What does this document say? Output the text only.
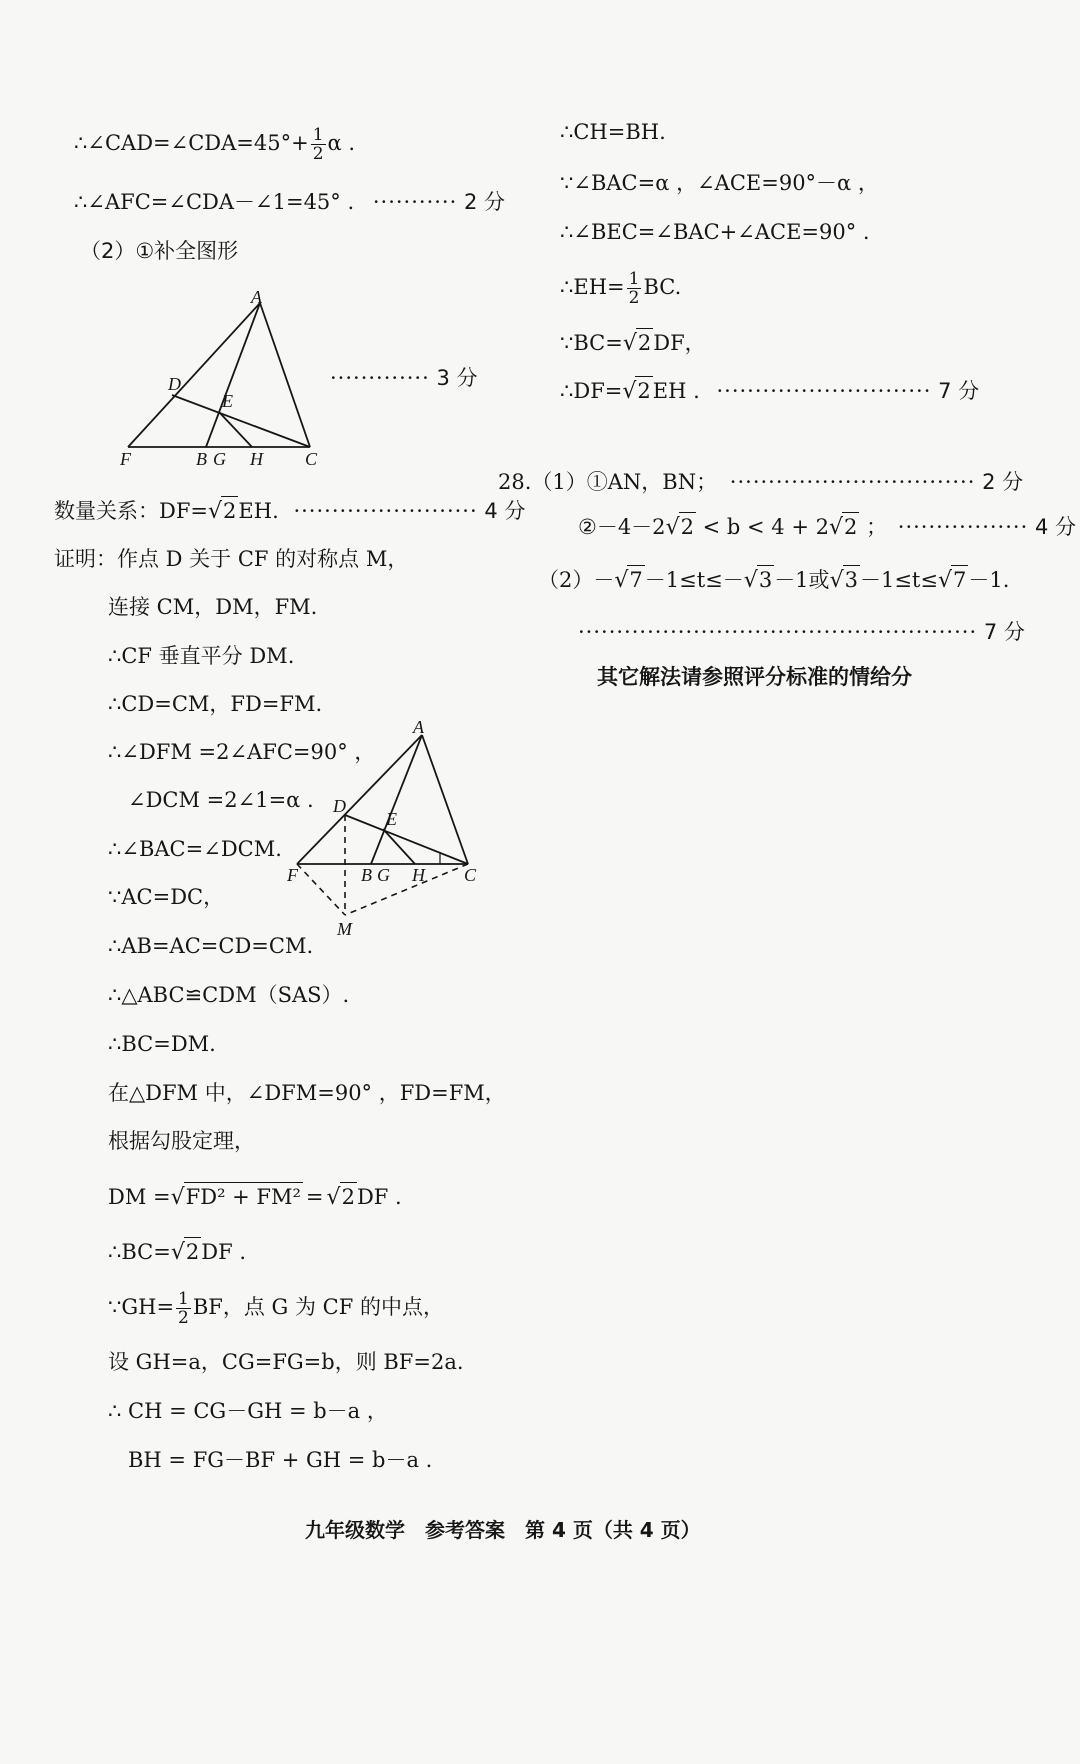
∴∠CAD=∠CDA=45°+ $\frac{1}{2}$ α .
∴∠AFC=∠CDA－∠1=45° . ··········· 2 分
（2）①补全图形
A
D
E
F	B G H C
············· 3 分
数量关系：DF=√2EH. ························ 4 分
证明：作点 D 关于 CF 的对称点 M，
连接 CM，DM，FM.
∴CF 垂直平分 DM.
∴CD=CM，FD=FM.
∴∠DFM =2∠AFC=90° ，
∠DCM =2∠1=α .
∴∠BAC=∠DCM.
∵AC=DC，
∴AB=AC=CD=CM.
∴△ABC≌CDM（SAS）.
∴BC=DM.
在△DFM 中，∠DFM=90° ，FD=FM，
根据勾股定理，
DM =√FD² + FM² = √2DF .
∴BC=√2DF .
∵GH= $\frac{1}{2}$ BF，点 G 为 CF 的中点，
设 GH=a，CG=FG=b，则 BF=2a.
∴ CH = CG－GH = b－a ，
BH = FG－BF + GH = b－a .
A
D
E
F	B G H C
M
∴CH=BH.
∵∠BAC=α ，∠ACE=90°－α ，
∴∠BEC=∠BAC+∠ACE=90° .
∴EH= $\frac{1}{2}$ BC.
∵BC=√2DF，
∴DF=√2EH . ···························· 7 分
28.（1）①AN，BN； ································ 2 分
②－4－2√2 < b < 4 + 2√2 ； ················· 4 分
（2）－√7－1≤t≤－√3－1或√3－1≤t≤√7－1.
···················································· 7 分
其它解法请参照评分标准的情给分
九年级数学　参考答案　第 4 页（共 4 页）
